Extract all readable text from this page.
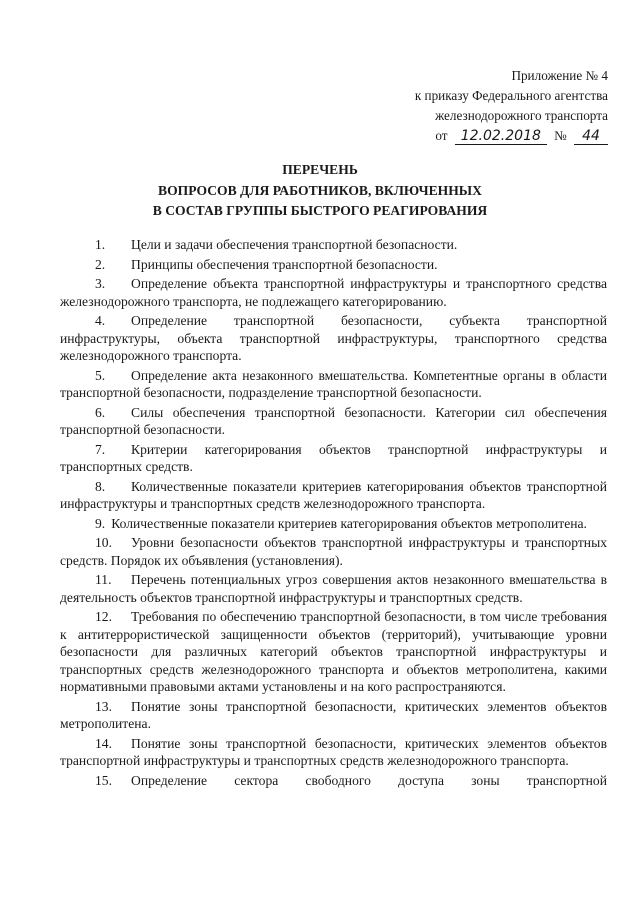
Приложение № 4
к приказу Федерального агентства
железнодорожного транспорта
от 12.02.2018 № 44
ПЕРЕЧЕНЬ
ВОПРОСОВ ДЛЯ РАБОТНИКОВ, ВКЛЮЧЕННЫХ
В СОСТАВ ГРУППЫ БЫСТРОГО РЕАГИРОВАНИЯ

1. Цели и задачи обеспечения транспортной безопасности.

2. Принципы обеспечения транспортной безопасности.

3. Определение объекта транспортной инфраструктуры и транспортного средства железнодорожного транспорта, не подлежащего категорированию.

4. Определение транспортной безопасности, субъекта транспортной инфраструктуры, объекта транспортной инфраструктуры, транспортного средства железнодорожного транспорта.

5. Определение акта незаконного вмешательства. Компетентные органы в области транспортной безопасности, подразделение транспортной безопасности.

6. Силы обеспечения транспортной безопасности. Категории сил обеспечения транспортной безопасности.

7. Критерии категорирования объектов транспортной инфраструктуры и транспортных средств.

8. Количественные показатели критериев категорирования объектов транспортной инфраструктуры и транспортных средств железнодорожного транспорта.

9. Количественные показатели критериев категорирования объектов метрополитена.

10. Уровни безопасности объектов транспортной инфраструктуры и транспортных средств. Порядок их объявления (установления).

11. Перечень потенциальных угроз совершения актов незаконного вмешательства в деятельность объектов транспортной инфраструктуры и транспортных средств.

12. Требования по обеспечению транспортной безопасности, в том числе требования к антитеррористической защищенности объектов (территорий), учитывающие уровни безопасности для различных категорий объектов транспортной инфраструктуры и транспортных средств железнодорожного транспорта и объектов метрополитена, какими нормативными правовыми актами установлены и на кого распространяются.

13. Понятие зоны транспортной безопасности, критических элементов объектов метрополитена.

14. Понятие зоны транспортной безопасности, критических элементов объектов транспортной инфраструктуры и транспортных средств железнодорожного транспорта.

15. Определение сектора свободного доступа зоны транспортной
